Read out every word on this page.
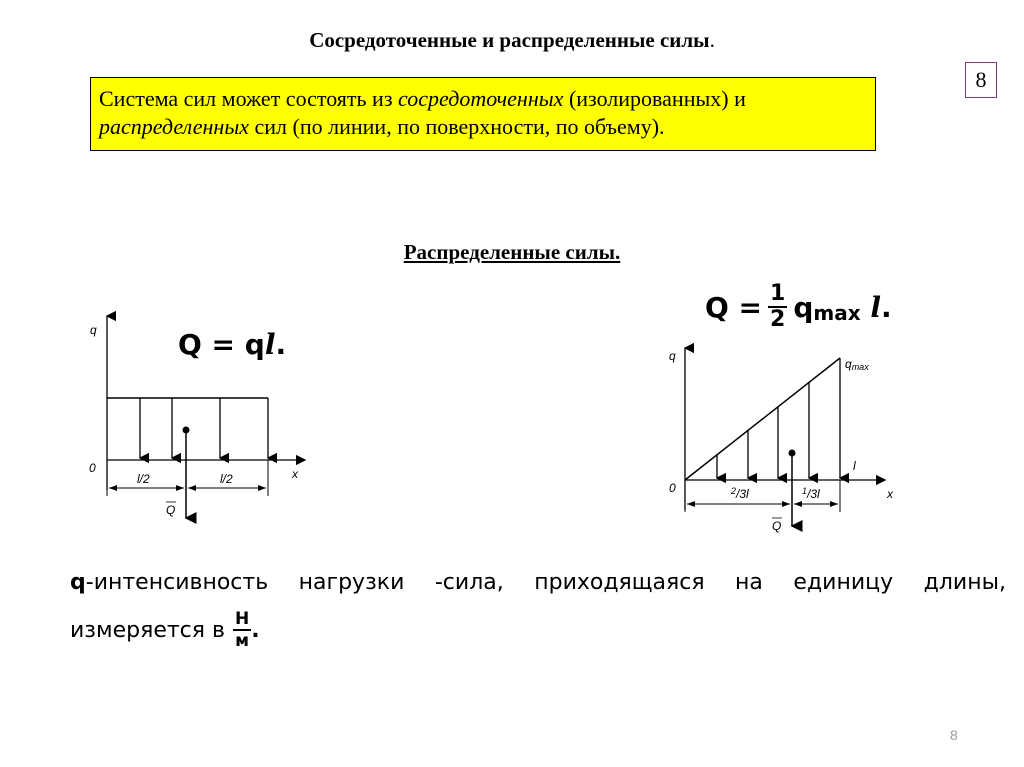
Сосредоточенные и распределенные силы.
8
Система сил может состоять из сосредоточенных (изолированных) и
распределенных сил (по линии, по поверхности, по объему).
Распределенные силы.
Q = ql.
$Q = \frac{1}{2}$ q max
l .
q
x
0
l/2	l/2
Q
q
x
0
qmax
l
$^2$/3l	$^1$/3l
Q
q-интенсивность нагрузки -сила, приходящаяся на единицу длины,
измеряется в Н
м .
8
